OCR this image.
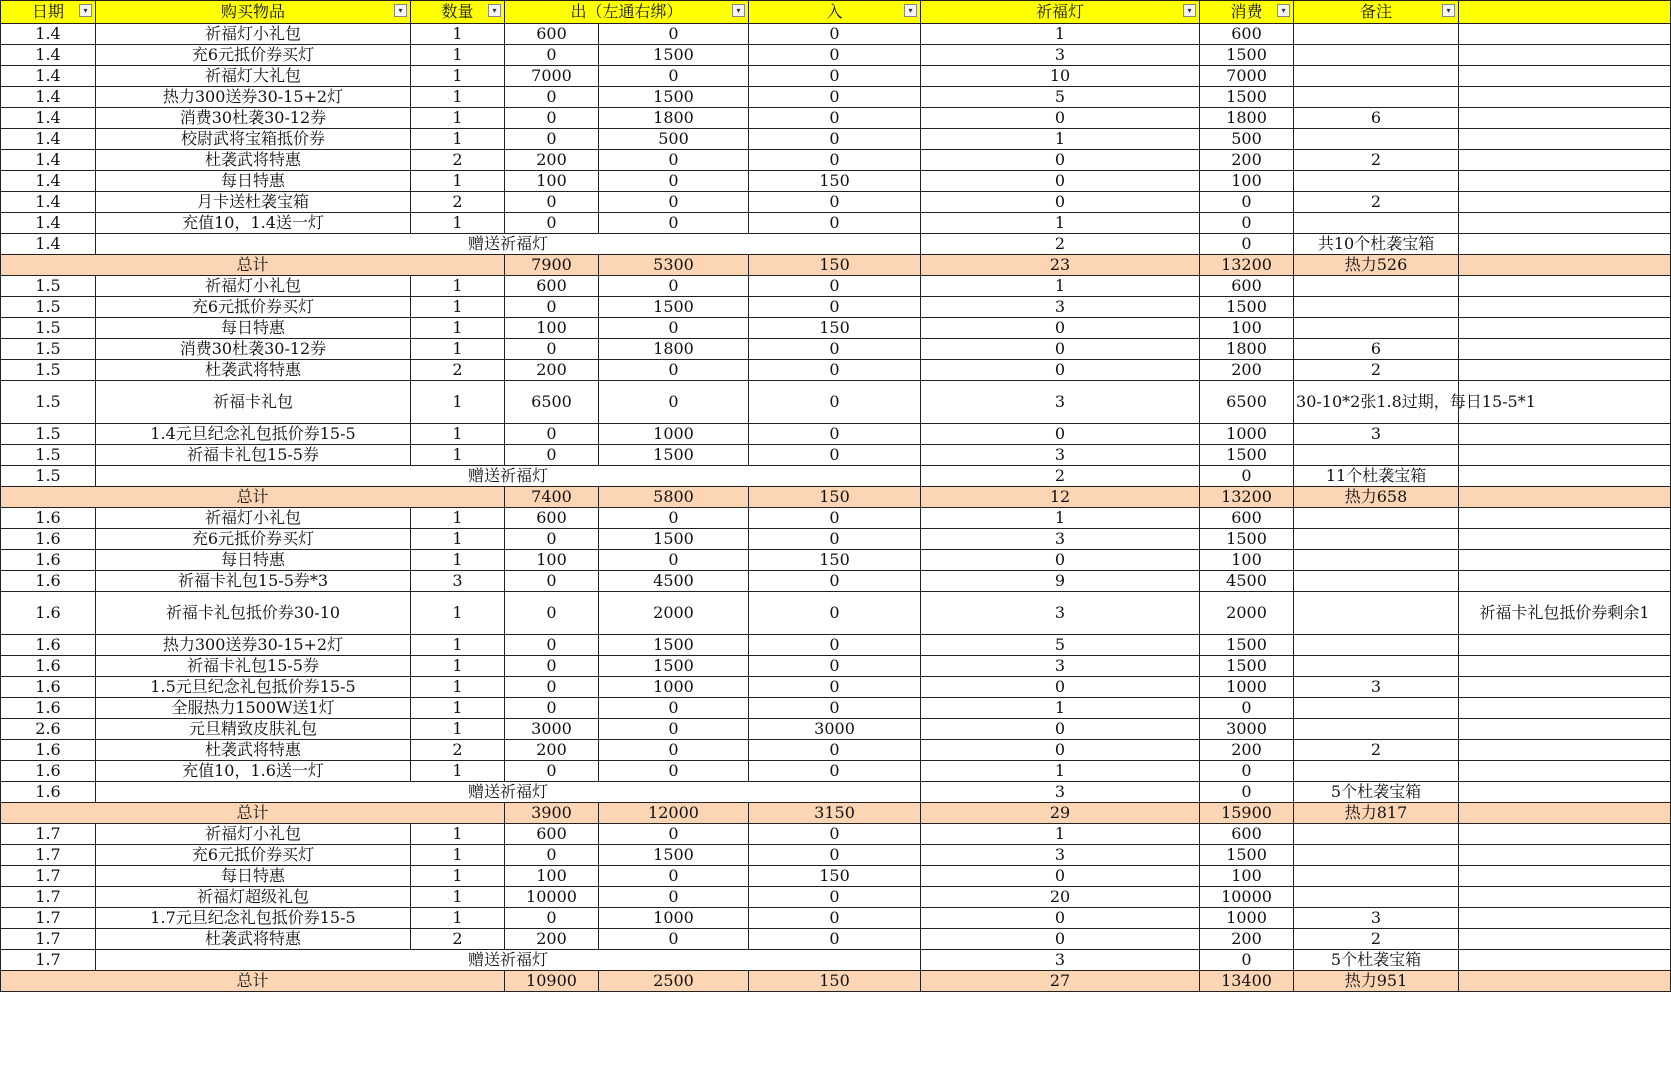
日期 ▾	购买物品 ▾	数量 ▾	出（左通右绑） ▾		入 ▾	祈福灯 ▾	消费 ▾	备注 ▾	

1.4	祈福灯小礼包	1	600	0	0	1	600		
1.4	充6元抵价券买灯	1	0	1500	0	3	1500		
1.4	祈福灯大礼包	1	7000	0	0	10	7000		
1.4	热力300送券30-15+2灯	1	0	1500	0	5	1500		
1.4	消费30杜袭30-12券	1	0	1800	0	0	1800	6	
1.4	校尉武将宝箱抵价券	1	0	500	0	1	500		
1.4	杜袭武将特惠	2	200	0	0	0	200	2	
1.4	每日特惠	1	100	0	150	0	100		
1.4	月卡送杜袭宝箱	2	0	0	0	0	0	2	
1.4	充值10，1.4送一灯	1	0	0	0	1	0		
1.4	赠送祈福灯					2	0	共10个杜袭宝箱	
总计			7900	5300	150	23	13200	热力526	
1.5	祈福灯小礼包	1	600	0	0	1	600		
1.5	充6元抵价券买灯	1	0	1500	0	3	1500		
1.5	每日特惠	1	100	0	150	0	100		
1.5	消费30杜袭30-12券	1	0	1800	0	0	1800	6	
1.5	杜袭武将特惠	2	200	0	0	0	200	2	
1.5	祈福卡礼包	1	6500	0	0	3	6500	30-10*2张1.8过期，每日15-5*1	
1.5	1.4元旦纪念礼包抵价券15-5	1	0	1000	0	0	1000	3	
1.5	祈福卡礼包15-5券	1	0	1500	0	3	1500		
1.5	赠送祈福灯					2	0	11个杜袭宝箱	
总计			7400	5800	150	12	13200	热力658	
1.6	祈福灯小礼包	1	600	0	0	1	600		
1.6	充6元抵价券买灯	1	0	1500	0	3	1500		
1.6	每日特惠	1	100	0	150	0	100		
1.6	祈福卡礼包15-5券*3	3	0	4500	0	9	4500		
1.6	祈福卡礼包抵价券30-10	1	0	2000	0	3	2000		祈福卡礼包抵价券剩余1
1.6	热力300送券30-15+2灯	1	0	1500	0	5	1500		
1.6	祈福卡礼包15-5券	1	0	1500	0	3	1500		
1.6	1.5元旦纪念礼包抵价券15-5	1	0	1000	0	0	1000	3	
1.6	全服热力1500W送1灯	1	0	0	0	1	0		
2.6	元旦精致皮肤礼包	1	3000	0	3000	0	3000		
1.6	杜袭武将特惠	2	200	0	0	0	200	2	
1.6	充值10，1.6送一灯	1	0	0	0	1	0		
1.6	赠送祈福灯					3	0	5个杜袭宝箱	
总计			3900	12000	3150	29	15900	热力817	
1.7	祈福灯小礼包	1	600	0	0	1	600		
1.7	充6元抵价券买灯	1	0	1500	0	3	1500		
1.7	每日特惠	1	100	0	150	0	100		
1.7	祈福灯超级礼包	1	10000	0	0	20	10000		
1.7	1.7元旦纪念礼包抵价券15-5	1	0	1000	0	0	1000	3	
1.7	杜袭武将特惠	2	200	0	0	0	200	2	
1.7	赠送祈福灯					3	0	5个杜袭宝箱	
总计			10900	2500	150	27	13400	热力951	
